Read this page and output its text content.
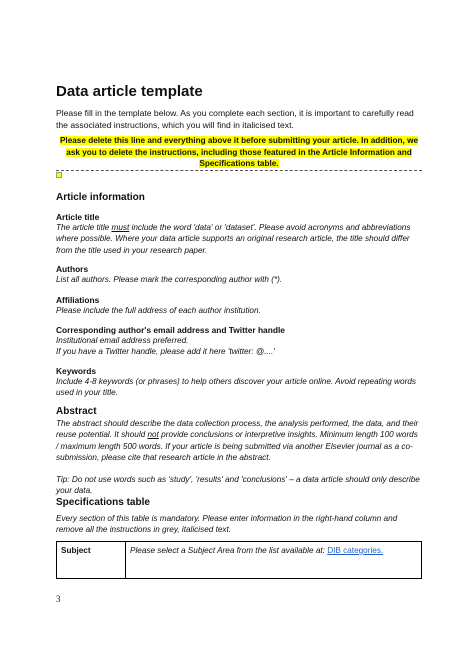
Data article template

Please fill in the template below. As you complete each section, it is important to carefully read the associated instructions, which you will find in italicised text.

Please delete this line and everything above it before submitting your article. In addition, we ask you to delete the instructions, including those featured in the Article Information and Specifications table.
Article information
Article title

The article title must include the word 'data' or 'dataset'. Please avoid acronyms and abbreviations where possible. Where your data article supports an original research article, the title should differ from the title used in your research paper.

Authors

List all authors. Please mark the corresponding author with (*).

Affiliations

Please include the full address of each author institution.

Corresponding author's email address and Twitter handle

Institutional email address preferred.

If you have a Twitter handle, please add it here 'twitter: @....'

Keywords

Include 4-8 keywords (or phrases) to help others discover your article online. Avoid repeating words used in your title.

Abstract

The abstract should describe the data collection process, the analysis performed, the data, and their reuse potential. It should not provide conclusions or interpretive insights. Minimum length 100 words / maximum length 500 words. If your article is being submitted via another Elsevier journal as a co-submission, please cite that research article in the abstract.

Tip: Do not use words such as 'study', 'results' and 'conclusions' – a data article should only describe your data.

Specifications table

Every section of this table is mandatory. Please enter information in the right-hand column and remove all the instructions in grey, italicised text.

Subject	Please select a Subject Area from the list available at: DIB categories.
3
